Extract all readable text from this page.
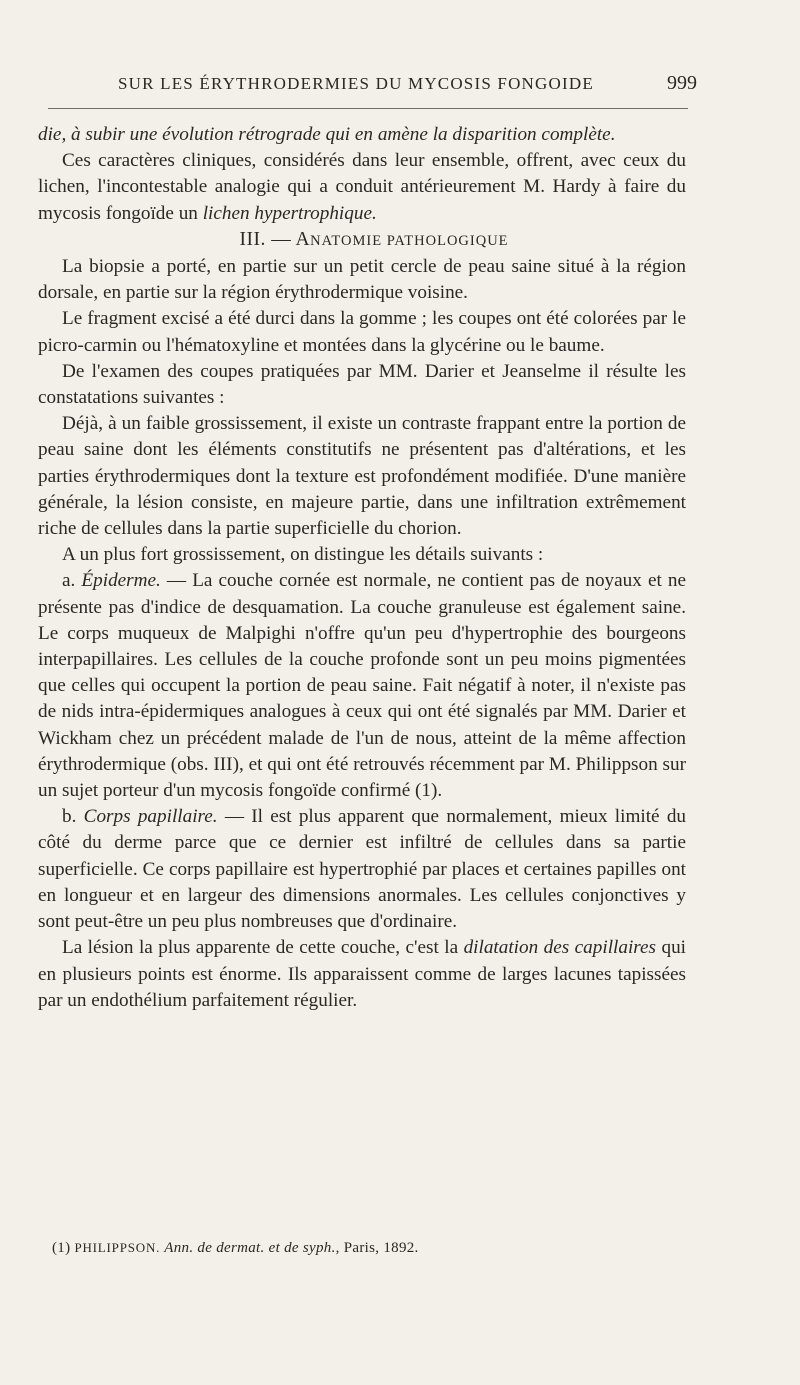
SUR LES ÉRYTHRODERMIES DU MYCOSIS FONGOIDE	999

die, à subir une évolution rétrograde qui en amène la disparition complète.

Ces caractères cliniques, considérés dans leur ensemble, offrent, avec ceux du lichen, l'incontestable analogie qui a conduit antérieurement M. Hardy à faire du mycosis fongoïde un lichen hypertrophique.

III. — ANATOMIE PATHOLOGIQUE

La biopsie a porté, en partie sur un petit cercle de peau saine situé à la région dorsale, en partie sur la région érythrodermique voisine.

Le fragment excisé a été durci dans la gomme ; les coupes ont été colorées par le picro-carmin ou l'hématoxyline et montées dans la glycérine ou le baume.

De l'examen des coupes pratiquées par MM. Darier et Jeanselme il résulte les constatations suivantes :

Déjà, à un faible grossissement, il existe un contraste frappant entre la portion de peau saine dont les éléments constitutifs ne présentent pas d'altérations, et les parties érythrodermiques dont la texture est profondément modifiée. D'une manière générale, la lésion consiste, en majeure partie, dans une infiltration extrêmement riche de cellules dans la partie superficielle du chorion.

A un plus fort grossissement, on distingue les détails suivants :

a. Épiderme. — La couche cornée est normale, ne contient pas de noyaux et ne présente pas d'indice de desquamation. La couche granuleuse est également saine. Le corps muqueux de Malpighi n'offre qu'un peu d'hypertrophie des bourgeons interpapillaires. Les cellules de la couche profonde sont un peu moins pigmentées que celles qui occupent la portion de peau saine. Fait négatif à noter, il n'existe pas de nids intra-épidermiques analogues à ceux qui ont été signalés par MM. Darier et Wickham chez un précédent malade de l'un de nous, atteint de la même affection érythrodermique (obs. III), et qui ont été retrouvés récemment par M. Philippson sur un sujet porteur d'un mycosis fongoïde confirmé (1).

b. Corps papillaire. — Il est plus apparent que normalement, mieux limité du côté du derme parce que ce dernier est infiltré de cellules dans sa partie superficielle. Ce corps papillaire est hypertrophié par places et certaines papilles ont en longueur et en largeur des dimensions anormales. Les cellules conjonctives y sont peut-être un peu plus nombreuses que d'ordinaire.

La lésion la plus apparente de cette couche, c'est la dilatation des capillaires qui en plusieurs points est énorme. Ils apparaissent comme de larges lacunes tapissées par un endothélium parfaitement régulier.

(1) PHILIPPSON. Ann. de dermat. et de syph., Paris, 1892.
